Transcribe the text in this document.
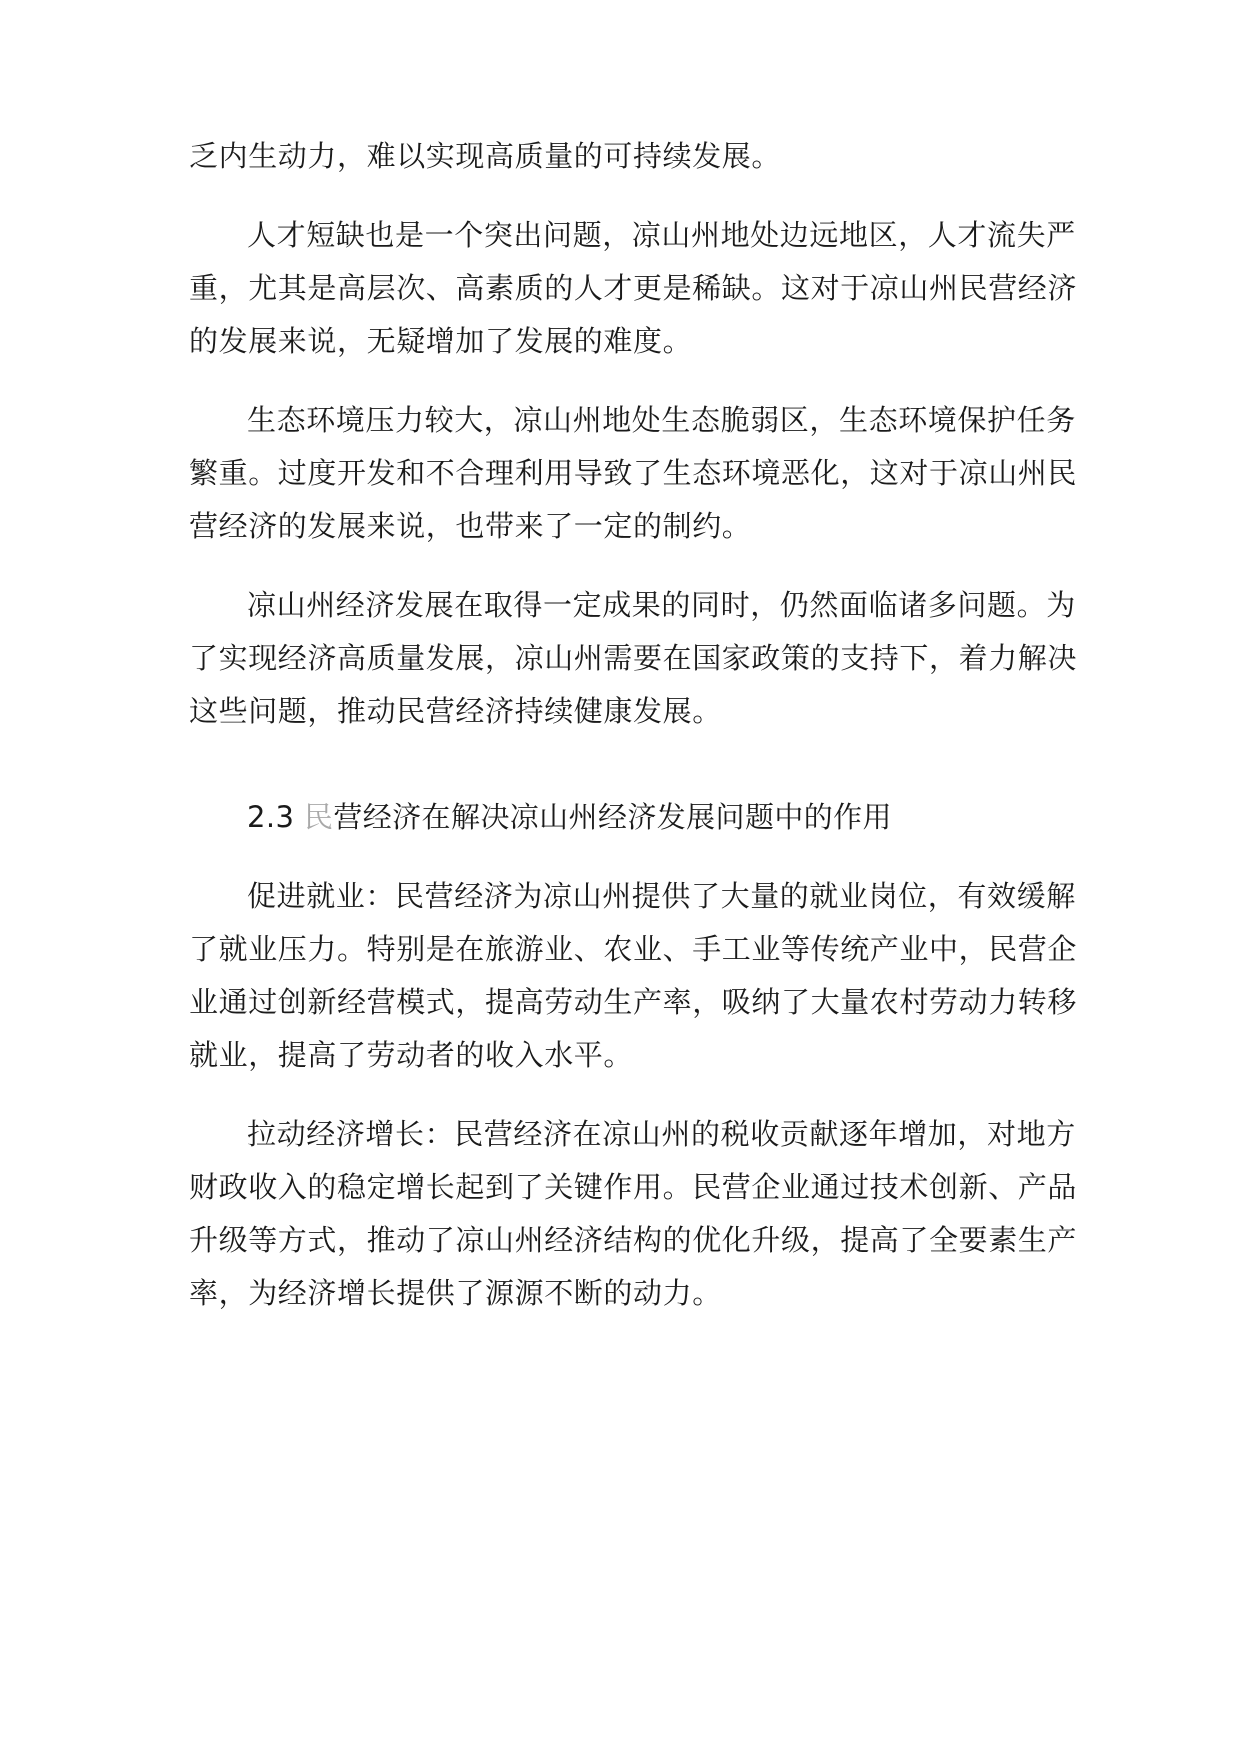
乏内生动力，难以实现高质量的可持续发展。
人才短缺也是一个突出问题，凉山州地处边远地区，人才流失严
重，尤其是高层次、高素质的人才更是稀缺。这对于凉山州民营经济
的发展来说，无疑增加了发展的难度。
生态环境压力较大，凉山州地处生态脆弱区，生态环境保护任务
繁重。过度开发和不合理利用导致了生态环境恶化，这对于凉山州民
营经济的发展来说，也带来了一定的制约。
凉山州经济发展在取得一定成果的同时，仍然面临诸多问题。为
了实现经济高质量发展，凉山州需要在国家政策的支持下，着力解决
这些问题，推动民营经济持续健康发展。
2.3 民营经济在解决凉山州经济发展问题中的作用
促进就业：民营经济为凉山州提供了大量的就业岗位，有效缓解
了就业压力。特别是在旅游业、农业、手工业等传统产业中，民营企
业通过创新经营模式，提高劳动生产率，吸纳了大量农村劳动力转移
就业，提高了劳动者的收入水平。
拉动经济增长：民营经济在凉山州的税收贡献逐年增加，对地方
财政收入的稳定增长起到了关键作用。民营企业通过技术创新、产品
升级等方式，推动了凉山州经济结构的优化升级，提高了全要素生产
率，为经济增长提供了源源不断的动力。
